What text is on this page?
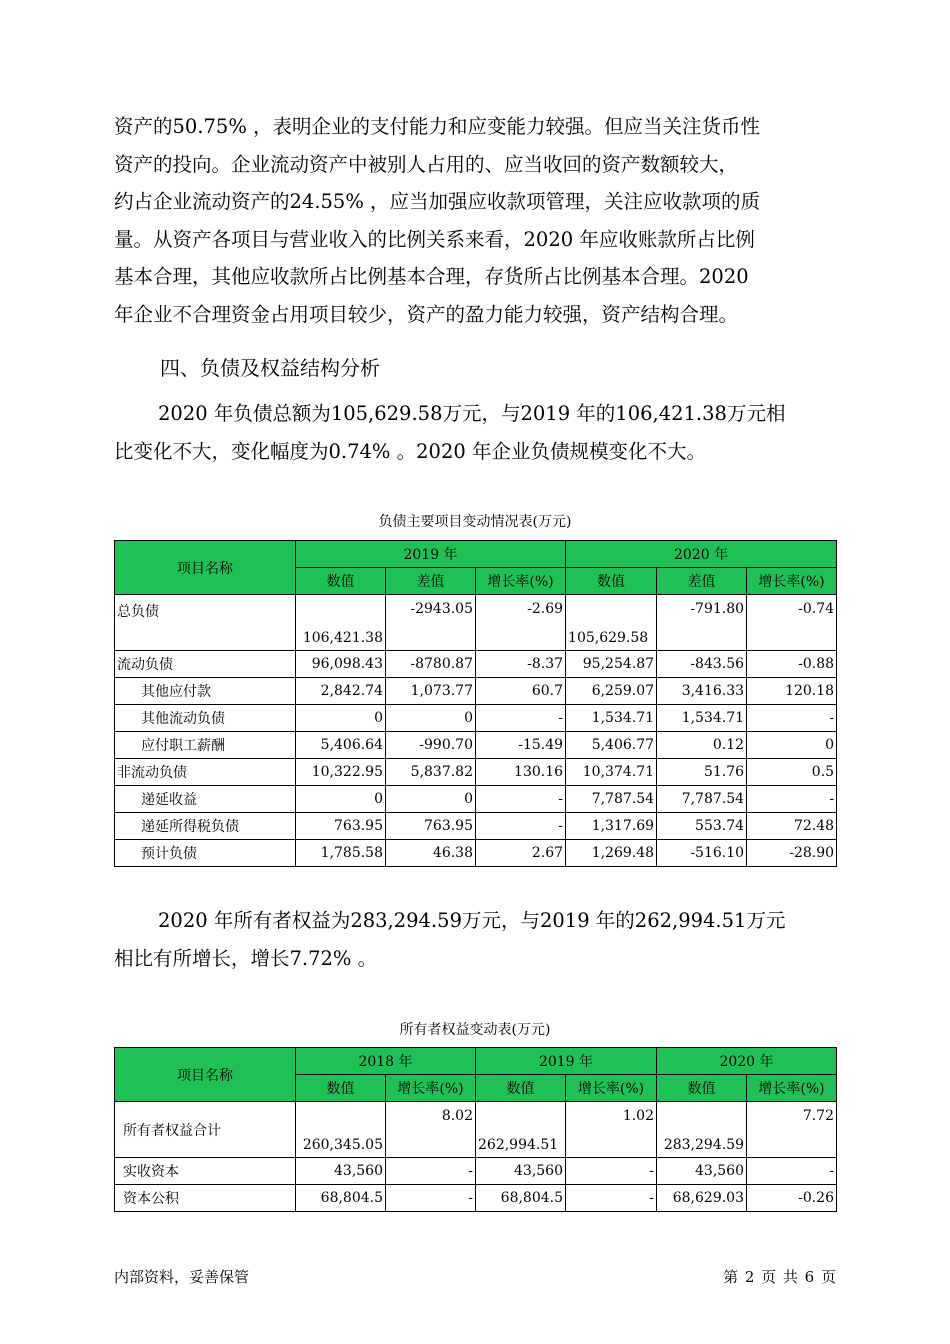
资产的50.75% ，表明企业的支付能力和应变能力较强。但应当关注货币性
资产的投向。企业流动资产中被别人占用的、应当收回的资产数额较大，
约占企业流动资产的24.55% ，应当加强应收款项管理，关注应收款项的质
量。从资产各项目与营业收入的比例关系来看，2020 年应收账款所占比例
基本合理，其他应收款所占比例基本合理，存货所占比例基本合理。2020
年企业不合理资金占用项目较少，资产的盈力能力较强，资产结构合理。

四、负债及权益结构分析

2020 年负债总额为105,629.58万元，与2019 年的106,421.38万元相
比变化不大，变化幅度为0.74% 。2020 年企业负债规模变化不大。

负债主要项目变动情况表(万元)
项目名称	2019 年			2020 年		
	数值	差值	增长率(%)	数值	差值	增长率(%)
总负债	106,421.38	-2943.05	-2.69	105,629.58	-791.80	-0.74
流动负债	96,098.43	-8780.87	-8.37	95,254.87	-843.56	-0.88
其他应付款	2,842.74	1,073.77	60.7	6,259.07	3,416.33	120.18
其他流动负债	0	0	-	1,534.71	1,534.71	-
应付职工薪酬	5,406.64	-990.70	-15.49	5,406.77	0.12	0
非流动负债	10,322.95	5,837.82	130.16	10,374.71	51.76	0.5
递延收益	0	0	-	7,787.54	7,787.54	-
递延所得税负债	763.95	763.95	-	1,317.69	553.74	72.48
预计负债	1,785.58	46.38	2.67	1,269.48	-516.10	-28.90

2020 年所有者权益为283,294.59万元，与2019 年的262,994.51万元
相比有所增长，增长7.72% 。

所有者权益变动表(万元)
项目名称	2018 年		2019 年		2020 年	
	数值	增长率(%)	数值	增长率(%)	数值	增长率(%)
所有者权益合计	260,345.05	8.02	262,994.51	1.02	283,294.59	7.72
实收资本	43,560	-	43,560	-	43,560	-
资本公积	68,804.5	-	68,804.5	-	68,629.03	-0.26
内部资料，妥善保管	第 2 页 共 6 页
